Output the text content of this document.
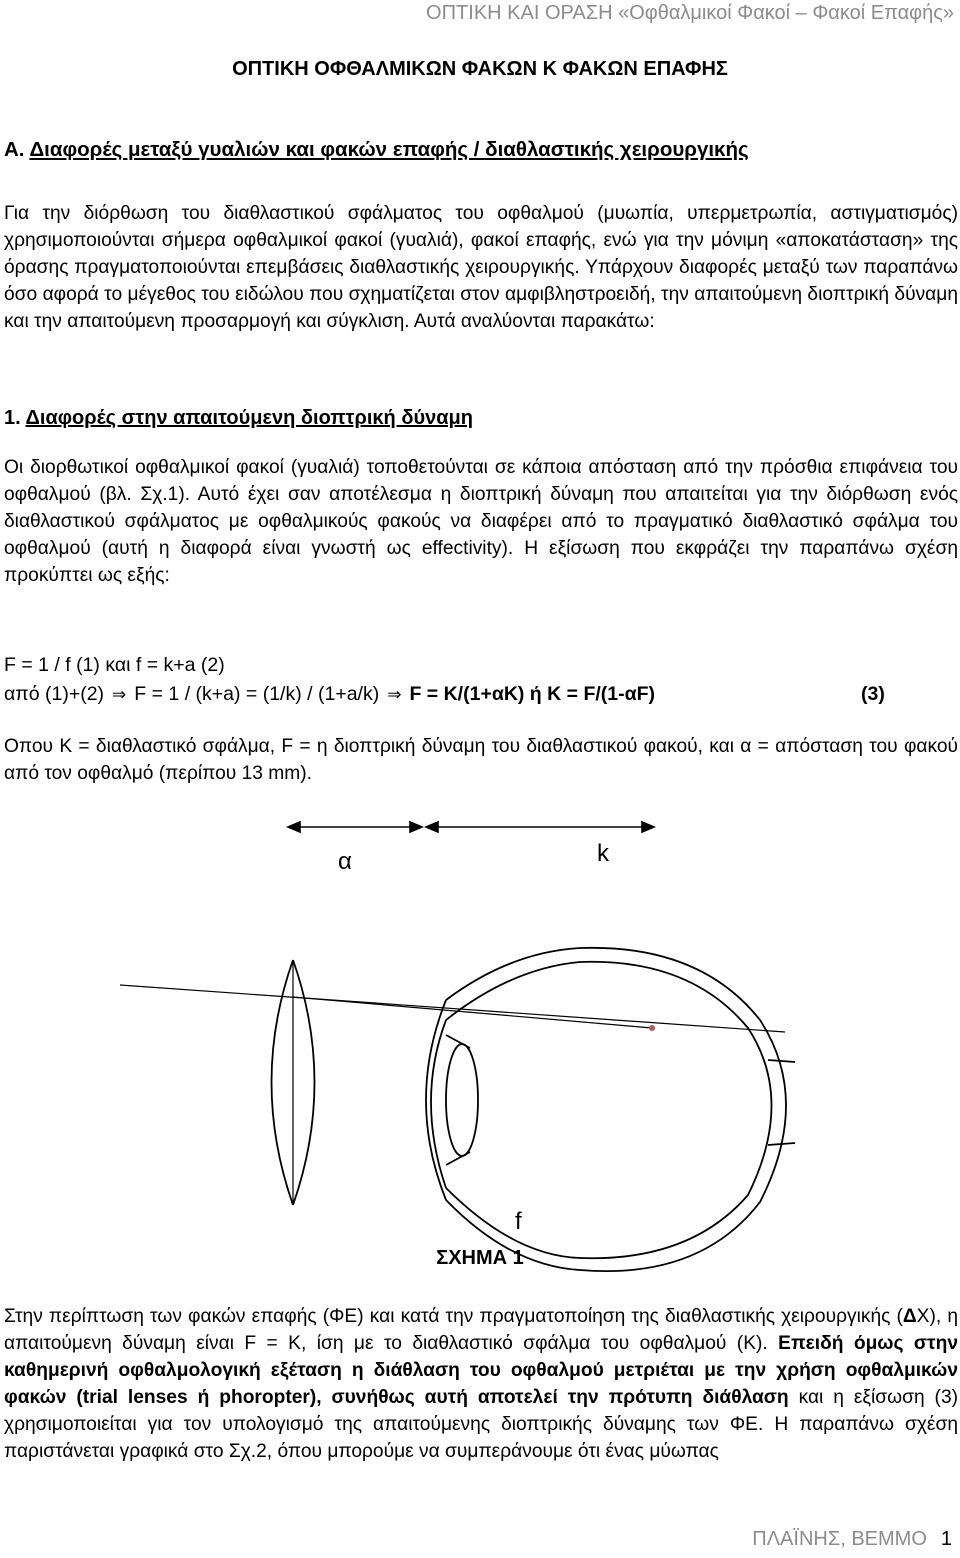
ΟΠΤΙΚΗ ΚΑΙ ΟΡΑΣΗ «Οφθαλμικοί Φακοί – Φακοί Επαφής»
ΟΠΤΙΚΗ ΟΦΘΑΛΜΙΚΩΝ ΦΑΚΩΝ Κ ΦΑΚΩΝ ΕΠΑΦΗΣ
Α. Διαφορές μεταξύ γυαλιών και φακών επαφής / διαθλαστικής χειρουργικής

Για την διόρθωση του διαθλαστικού σφάλματος του οφθαλμού (μυωπία, υπερμετρωπία, αστιγματισμός) χρησιμοποιούνται σήμερα οφθαλμικοί φακοί (γυαλιά), φακοί επαφής, ενώ για την μόνιμη «αποκατάσταση» της όρασης πραγματοποιούνται επεμβάσεις διαθλαστικής χειρουργικής. Υπάρχουν διαφορές μεταξύ των παραπάνω όσο αφορά το μέγεθος του ειδώλου που σχηματίζεται στον αμφιβληστροειδή, την απαιτούμενη διοπτρική δύναμη και την απαιτούμενη προσαρμογή και σύγκλιση. Αυτά αναλύονται παρακάτω:

1. Διαφορές στην απαιτούμενη διοπτρική δύναμη

Οι διορθωτικοί οφθαλμικοί φακοί (γυαλιά) τοποθετούνται σε κάποια απόσταση από την πρόσθια επιφάνεια του οφθαλμού (βλ. Σχ.1). Αυτό έχει σαν αποτέλεσμα η διοπτρική δύναμη που απαιτείται για την διόρθωση ενός διαθλαστικού σφάλματος με οφθαλμικούς φακούς να διαφέρει από το πραγματικό διαθλαστικό σφάλμα του οφθαλμού (αυτή η διαφορά είναι γνωστή ως effectivity). Η εξίσωση που εκφράζει την παραπάνω σχέση προκύπτει ως εξής:

F = 1 / f (1) και f = k+a (2)
από (1)+(2) ⇒ F = 1 / (k+a) = (1/k) / (1+a/k) ⇒ F = K/(1+αK) ή K = F/(1-αF)	(3)

Οπου K = διαθλαστικό σφάλμα, F = η διοπτρική δύναμη του διαθλαστικού φακού, και α = απόσταση του φακού από τον οφθαλμό (περίπου 13 mm).

α	k
f
ΣΧΗΜΑ 1

Στην περίπτωση των φακών επαφής (ΦΕ) και κατά την πραγματοποίηση της διαθλαστικής χειρουργικής (ΔΧ), η απαιτούμενη δύναμη είναι F = K, ίση με το διαθλαστικό σφάλμα του οφθαλμού (K). Επειδή όμως στην καθημερινή οφθαλμολογική εξέταση η διάθλαση του οφθαλμού μετριέται με την χρήση οφθαλμικών φακών (trial lenses ή phoropter), συνήθως αυτή αποτελεί την πρότυπη διάθλαση και η εξίσωση (3) χρησιμοποιείται για τον υπολογισμό της απαιτούμενης διοπτρικής δύναμης των ΦΕ. Η παραπάνω σχέση παριστάνεται γραφικά στο Σχ.2, όπου μπορούμε να συμπεράνουμε ότι ένας μύωπας

ΠΛΑΪΝΗΣ, ΒΕΜΜΟ 1
